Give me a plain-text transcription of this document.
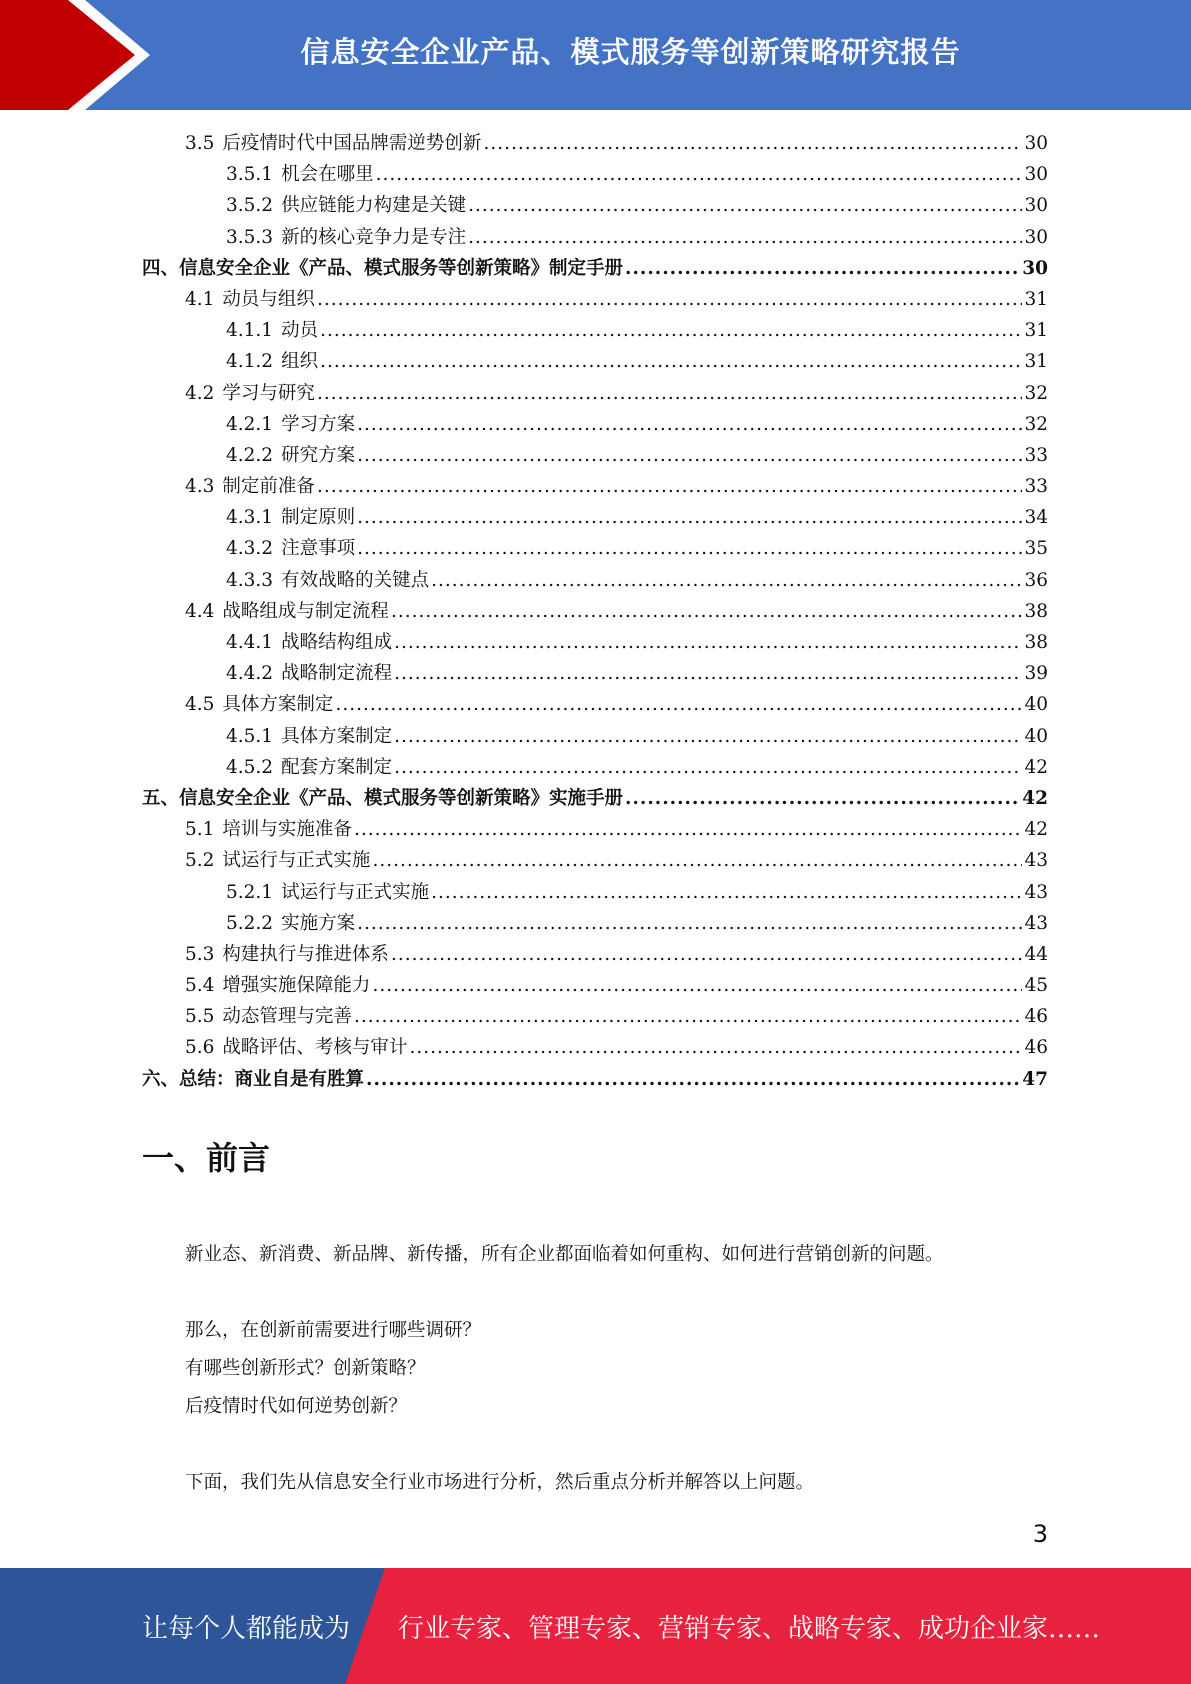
信息安全企业产品、模式服务等创新策略研究报告
3.5 后疫情时代中国品牌需逆势创新 .....	30
3.5.1 机会在哪里 .....	30
3.5.2 供应链能力构建是关键 .....	30
3.5.3 新的核心竞争力是专注 .....	30
四、信息安全企业《产品、模式服务等创新策略》制定手册 .....	30
4.1 动员与组织 .....	31
4.1.1 动员 .....	31
4.1.2 组织 .....	31
4.2 学习与研究 .....	32
4.2.1 学习方案 .....	32
4.2.2 研究方案 .....	33
4.3 制定前准备 .....	33
4.3.1 制定原则 .....	34
4.3.2 注意事项 .....	35
4.3.3 有效战略的关键点 .....	36
4.4 战略组成与制定流程 .....	38
4.4.1 战略结构组成 .....	38
4.4.2 战略制定流程 .....	39
4.5 具体方案制定 .....	40
4.5.1 具体方案制定 .....	40
4.5.2 配套方案制定 .....	42
五、信息安全企业《产品、模式服务等创新策略》实施手册 .....	42
5.1 培训与实施准备 .....	42
5.2 试运行与正式实施 .....	43
5.2.1 试运行与正式实施 .....	43
5.2.2 实施方案 .....	43
5.3 构建执行与推进体系 .....	44
5.4 增强实施保障能力 .....	45
5.5 动态管理与完善 .....	46
5.6 战略评估、考核与审计 .....	46
六、总结：商业自是有胜算 .....	47
一、前言
新业态、新消费、新品牌、新传播，所有企业都面临着如何重构、如何进行营销创新的问题。
那么，在创新前需要进行哪些调研？
有哪些创新形式？创新策略？
后疫情时代如何逆势创新？
下面，我们先从信息安全行业市场进行分析，然后重点分析并解答以上问题。
3
让每个人都能成为 行业专家、管理专家、营销专家、战略专家、成功企业家……
